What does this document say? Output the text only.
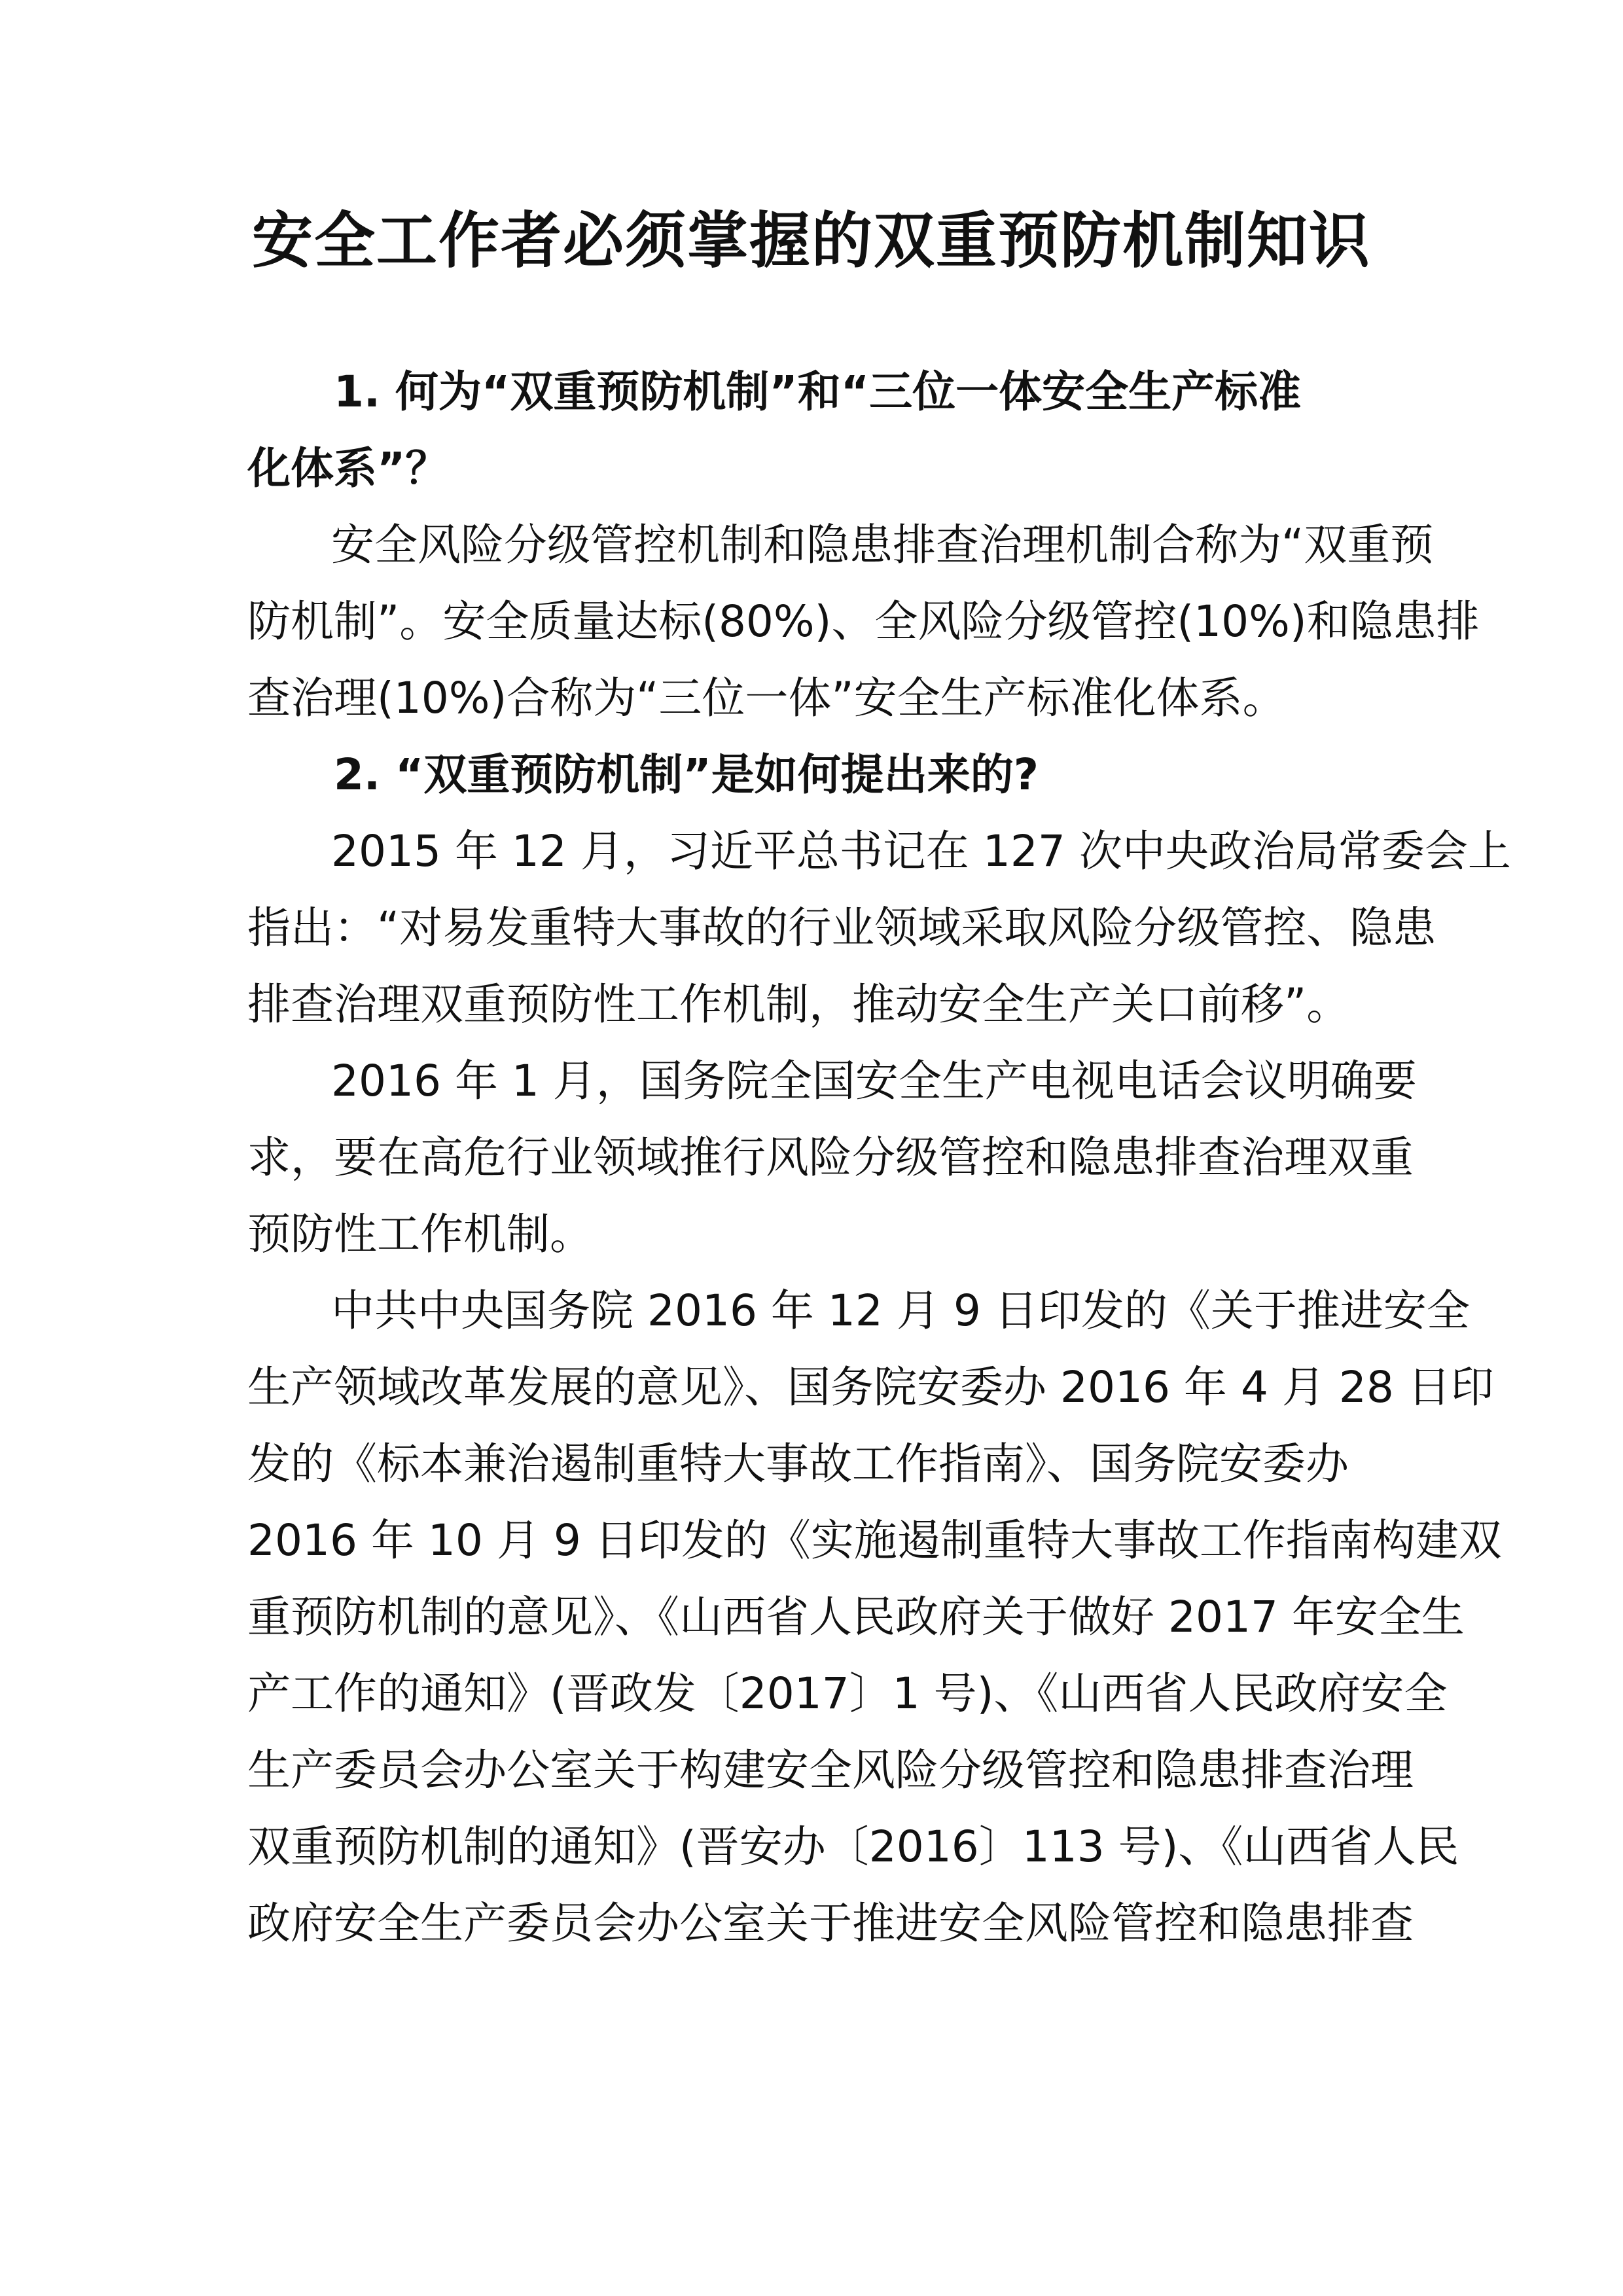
安全工作者必须掌握的双重预防机制知识
1. 何为“双重预防机制”和“三位一体安全生产标准
化体系”？
安全风险分级管控机制和隐患排查治理机制合称为“双重预
防机制”。安全质量达标(80%)、全风险分级管控(10%)和隐患排
查治理(10%)合称为“三位一体”安全生产标准化体系。
2. “双重预防机制”是如何提出来的?
2015 年 12 月，习近平总书记在 127 次中央政治局常委会上
指出：“对易发重特大事故的行业领域采取风险分级管控、隐患
排查治理双重预防性工作机制，推动安全生产关口前移”。
2016 年 1 月，国务院全国安全生产电视电话会议明确要
求，要在高危行业领域推行风险分级管控和隐患排查治理双重
预防性工作机制。
中共中央国务院 2016 年 12 月 9 日印发的《关于推进安全
生产领域改革发展的意见》、国务院安委办 2016 年 4 月 28 日印
发的《标本兼治遏制重特大事故工作指南》、国务院安委办
2016 年 10 月 9 日印发的《实施遏制重特大事故工作指南构建双
重预防机制的意见》、《山西省人民政府关于做好 2017 年安全生
产工作的通知》(晋政发〔2017〕1 号)、《山西省人民政府安全
生产委员会办公室关于构建安全风险分级管控和隐患排查治理
双重预防机制的通知》(晋安办〔2016〕113 号)、《山西省人民
政府安全生产委员会办公室关于推进安全风险管控和隐患排查
